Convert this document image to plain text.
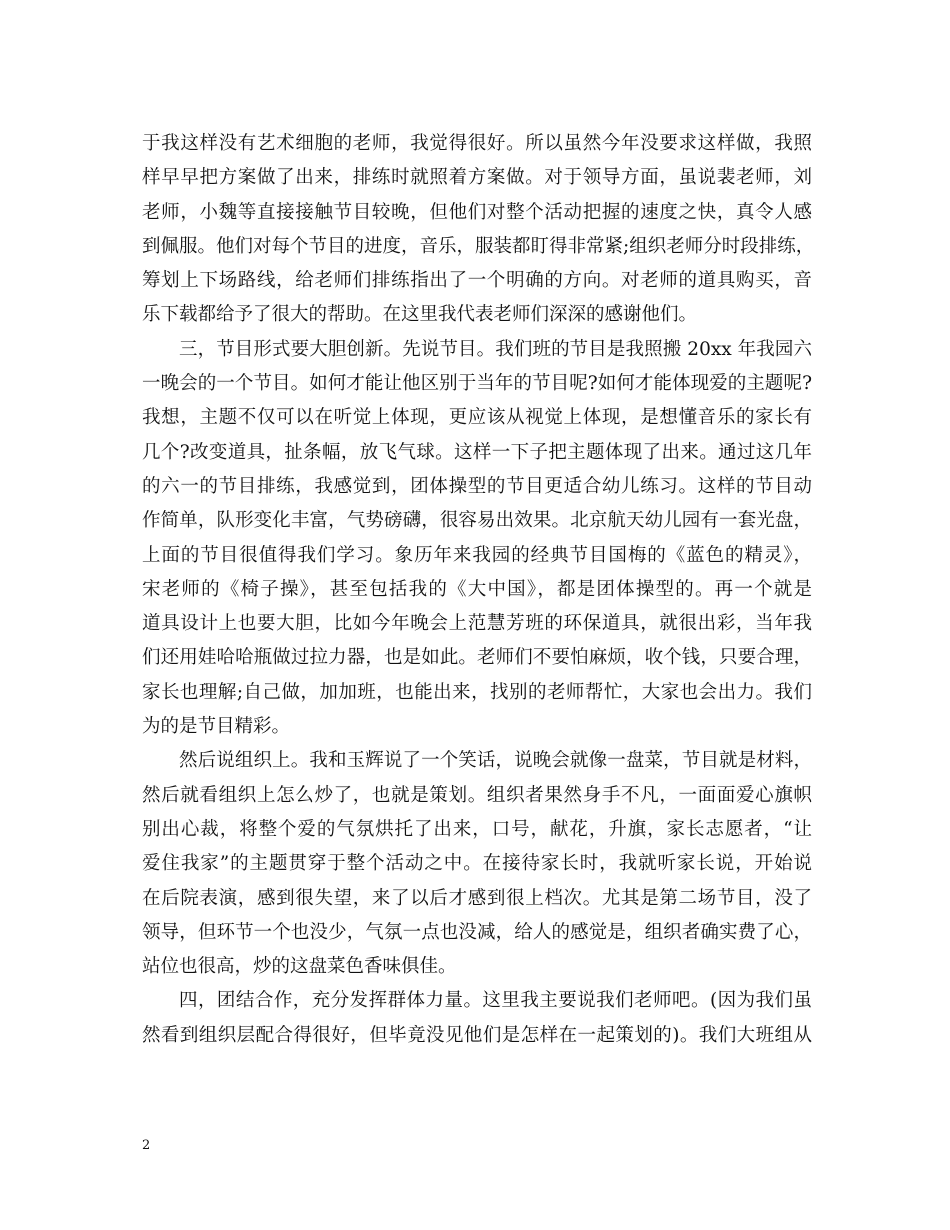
于我这样没有艺术细胞的老师，我觉得很好。所以虽然今年没要求这样做，我照
样早早把方案做了出来，排练时就照着方案做。对于领导方面，虽说裴老师，刘
老师，小魏等直接接触节目较晚，但他们对整个活动把握的速度之快，真令人感
到佩服。他们对每个节目的进度，音乐，服装都盯得非常紧;组织老师分时段排练，
筹划上下场路线，给老师们排练指出了一个明确的方向。对老师的道具购买，音
乐下载都给予了很大的帮助。在这里我代表老师们深深的感谢他们。
三，节目形式要大胆创新。先说节目。我们班的节目是我照搬 20xx 年我园六
一晚会的一个节目。如何才能让他区别于当年的节目呢?如何才能体现爱的主题呢?
我想，主题不仅可以在听觉上体现，更应该从视觉上体现，是想懂音乐的家长有
几个?改变道具，扯条幅，放飞气球。这样一下子把主题体现了出来。通过这几年
的六一的节目排练，我感觉到，团体操型的节目更适合幼儿练习。这样的节目动
作简单，队形变化丰富，气势磅礴，很容易出效果。北京航天幼儿园有一套光盘，
上面的节目很值得我们学习。象历年来我园的经典节目国梅的《蓝色的精灵》，
宋老师的《椅子操》，甚至包括我的《大中国》，都是团体操型的。再一个就是
道具设计上也要大胆，比如今年晚会上范慧芳班的环保道具，就很出彩，当年我
们还用娃哈哈瓶做过拉力器，也是如此。老师们不要怕麻烦，收个钱，只要合理，
家长也理解;自己做，加加班，也能出来，找别的老师帮忙，大家也会出力。我们
为的是节目精彩。
然后说组织上。我和玉辉说了一个笑话，说晚会就像一盘菜，节目就是材料，
然后就看组织上怎么炒了，也就是策划。组织者果然身手不凡，一面面爱心旗帜
别出心裁，将整个爱的气氛烘托了出来，口号，献花，升旗，家长志愿者，“让
爱住我家”的主题贯穿于整个活动之中。在接待家长时，我就听家长说，开始说
在后院表演，感到很失望，来了以后才感到很上档次。尤其是第二场节目，没了
领导，但环节一个也没少，气氛一点也没减，给人的感觉是，组织者确实费了心，
站位也很高，炒的这盘菜色香味俱佳。
四，团结合作，充分发挥群体力量。这里我主要说我们老师吧。(因为我们虽
然看到组织层配合得很好，但毕竟没见他们是怎样在一起策划的)。我们大班组从
2
